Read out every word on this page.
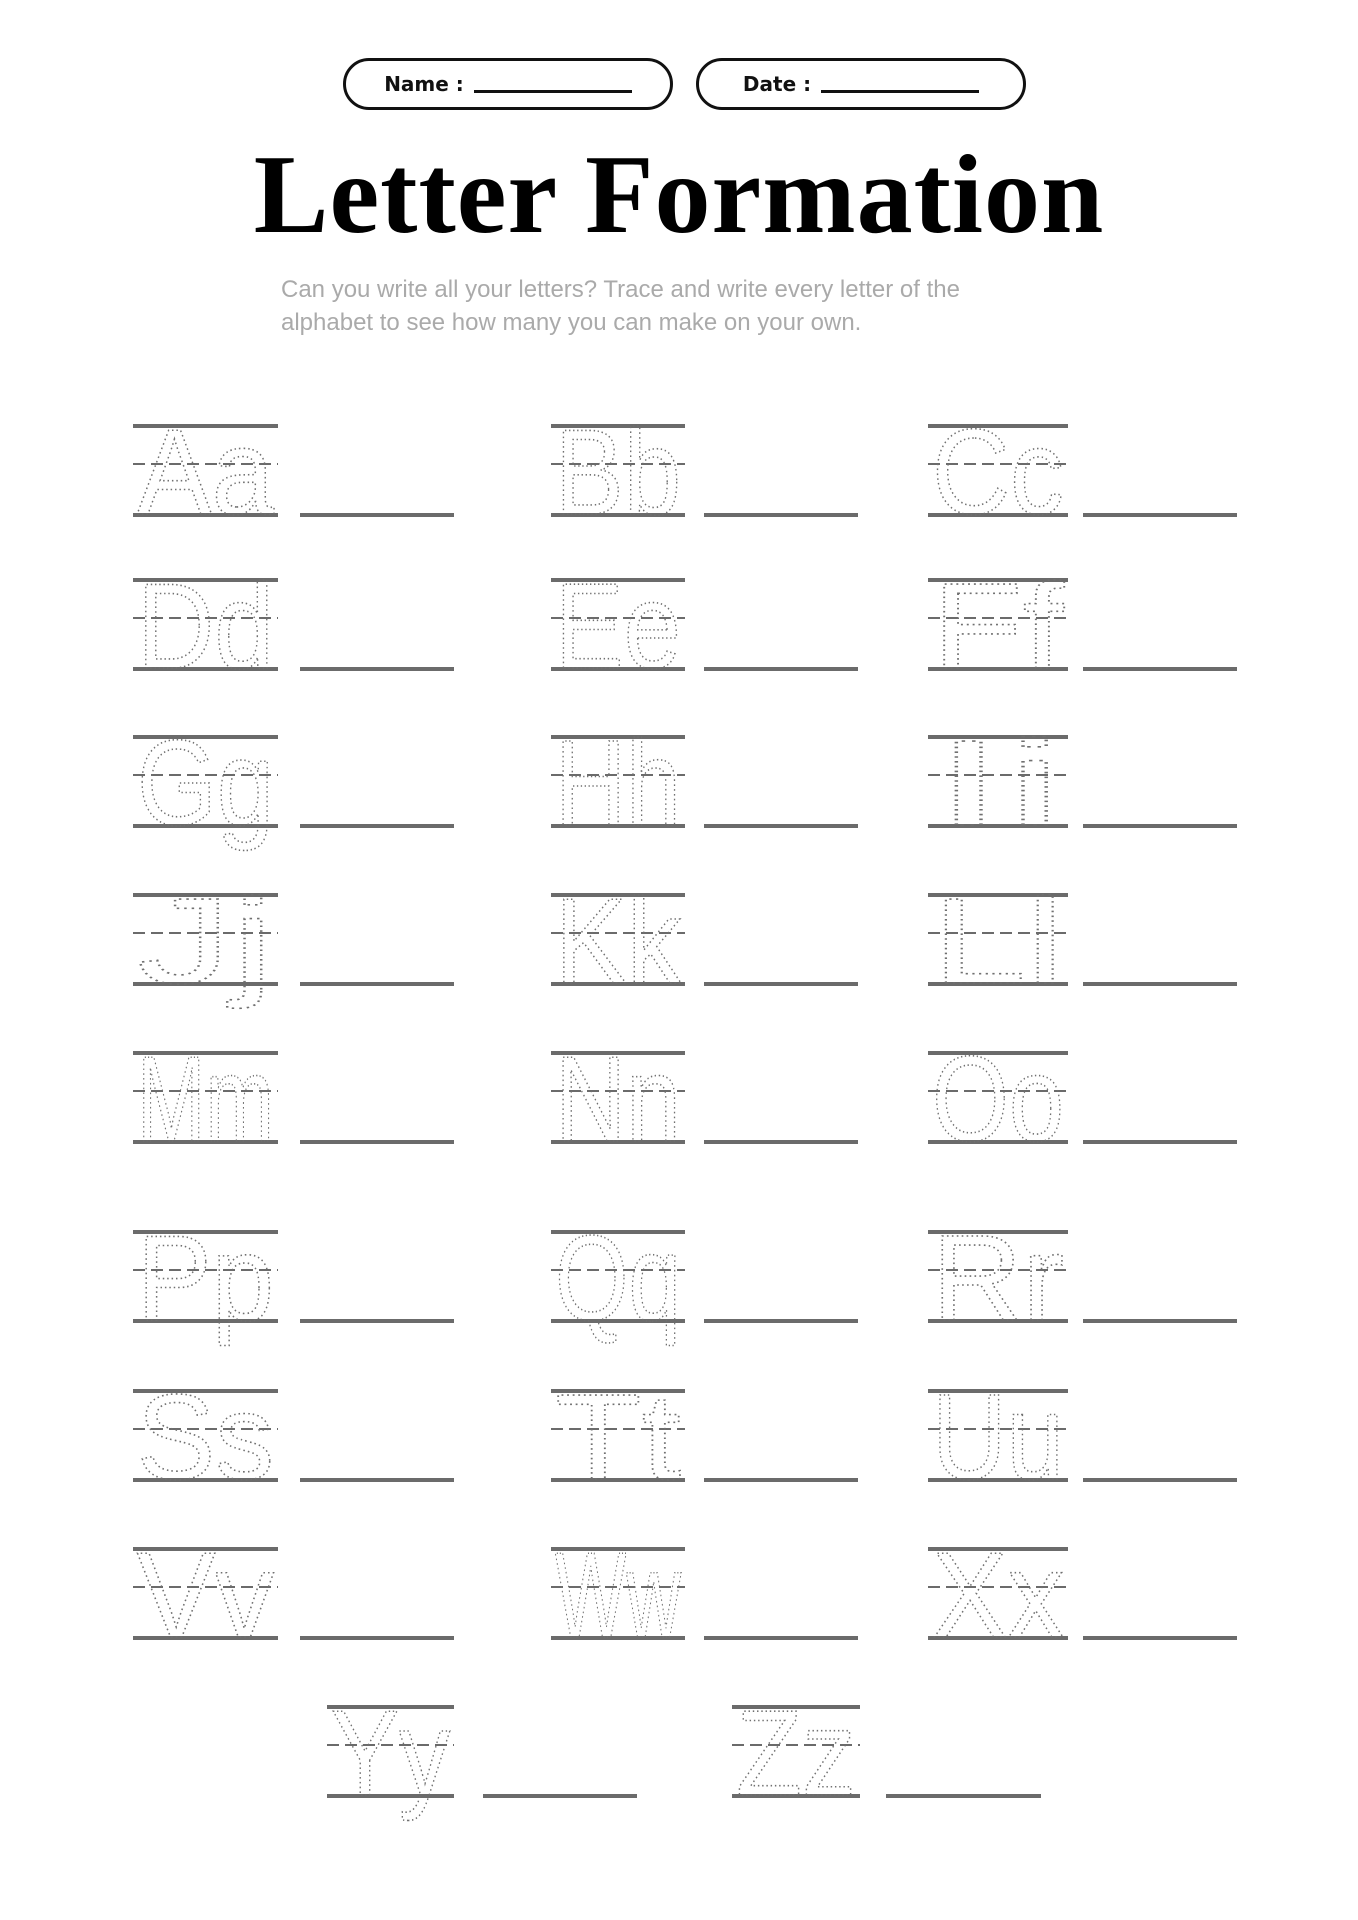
Name :	Date :
Letter Formation
Can you write all your letters? Trace and write every letter of the
alphabet to see how many you can make on your own.
Aa Bb Cc
Dd Ee Ff
Gg Hh Ii
Jj Kk Ll
Mm Nn Oo
Pp Qq Rr
Ss Tt Uu
Vv Ww Xx
Yy Zz
